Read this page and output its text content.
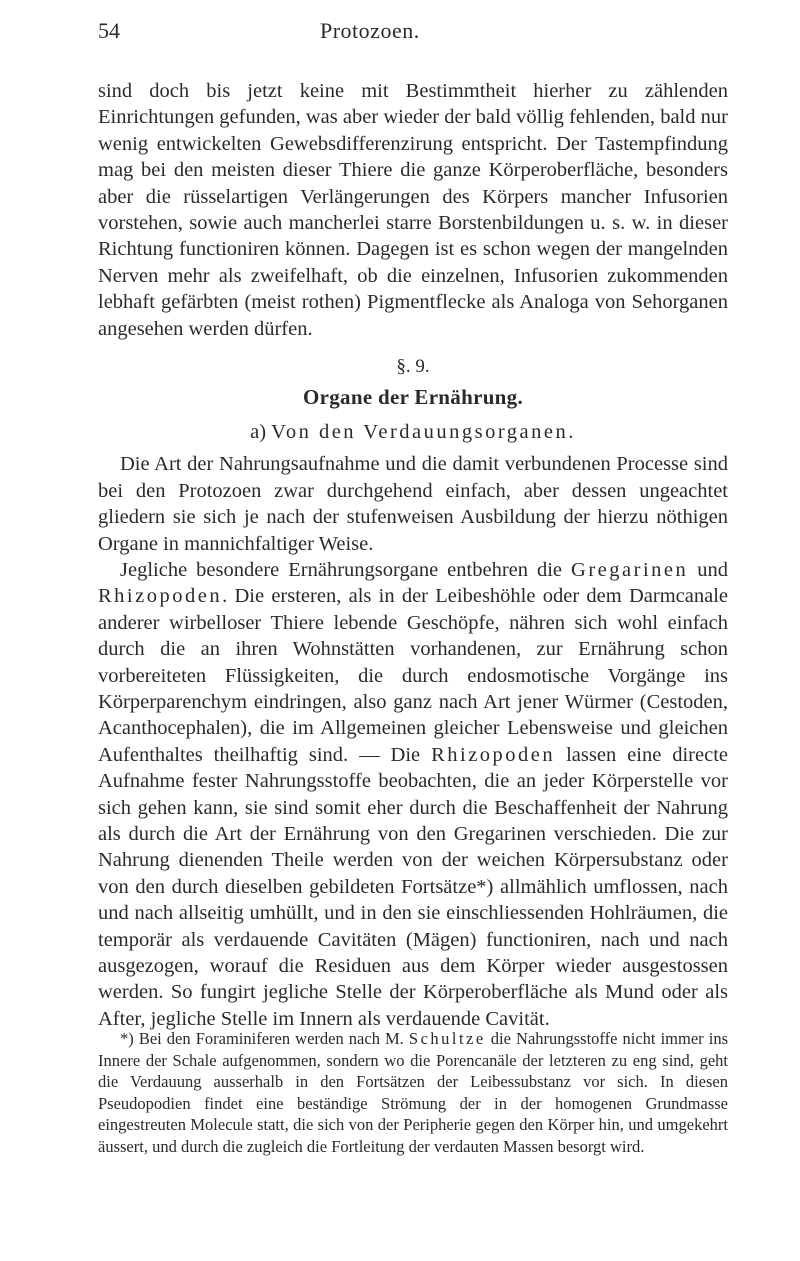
54	Protozoen.

sind doch bis jetzt keine mit Bestimmtheit hierher zu zählenden Einrichtungen gefunden, was aber wieder der bald völlig fehlenden, bald nur wenig entwickelten Gewebsdifferenzirung entspricht. Der Tastempfindung mag bei den meisten dieser Thiere die ganze Körperoberfläche, besonders aber die rüsselartigen Verlängerungen des Körpers mancher Infusorien vorstehen, sowie auch mancherlei starre Borstenbildungen u. s. w. in dieser Richtung functioniren können. Dagegen ist es schon wegen der mangelnden Nerven mehr als zweifelhaft, ob die einzelnen, Infusorien zukommenden lebhaft gefärbten (meist rothen) Pigmentflecke als Analoga von Sehorganen angesehen werden dürfen.

§. 9.
Organe der Ernährung.
a) Von den Verdauungsorganen.

Die Art der Nahrungsaufnahme und die damit verbundenen Processe sind bei den Protozoen zwar durchgehend einfach, aber dessen ungeachtet gliedern sie sich je nach der stufenweisen Ausbildung der hierzu nöthigen Organe in mannichfaltiger Weise.

Jegliche besondere Ernährungsorgane entbehren die Gregarinen und Rhizopoden. Die ersteren, als in der Leibeshöhle oder dem Darmcanale anderer wirbelloser Thiere lebende Geschöpfe, nähren sich wohl einfach durch die an ihren Wohnstätten vorhandenen, zur Ernährung schon vorbereiteten Flüssigkeiten, die durch endosmotische Vorgänge ins Körperparenchym eindringen, also ganz nach Art jener Würmer (Cestoden, Acanthocephalen), die im Allgemeinen gleicher Lebensweise und gleichen Aufenthaltes theilhaftig sind. — Die Rhizopoden lassen eine directe Aufnahme fester Nahrungsstoffe beobachten, die an jeder Körperstelle vor sich gehen kann, sie sind somit eher durch die Beschaffenheit der Nahrung als durch die Art der Ernährung von den Gregarinen verschieden. Die zur Nahrung dienenden Theile werden von der weichen Körpersubstanz oder von den durch dieselben gebildeten Fortsätze*) allmählich umflossen, nach und nach allseitig umhüllt, und in den sie einschliessenden Hohlräumen, die temporär als verdauende Cavitäten (Mägen) functioniren, nach und nach ausgezogen, worauf die Residuen aus dem Körper wieder ausgestossen werden. So fungirt jegliche Stelle der Körperoberfläche als Mund oder als After, jegliche Stelle im Innern als verdauende Cavität.

*) Bei den Foraminiferen werden nach M. Schultze die Nahrungsstoffe nicht immer ins Innere der Schale aufgenommen, sondern wo die Porencanäle der letzteren zu eng sind, geht die Verdauung ausserhalb in den Fortsätzen der Leibessubstanz vor sich. In diesen Pseudopodien findet eine beständige Strömung der in der homogenen Grundmasse eingestreuten Molecule statt, die sich von der Peripherie gegen den Körper hin, und umgekehrt äussert, und durch die zugleich die Fortleitung der verdauten Massen besorgt wird.
